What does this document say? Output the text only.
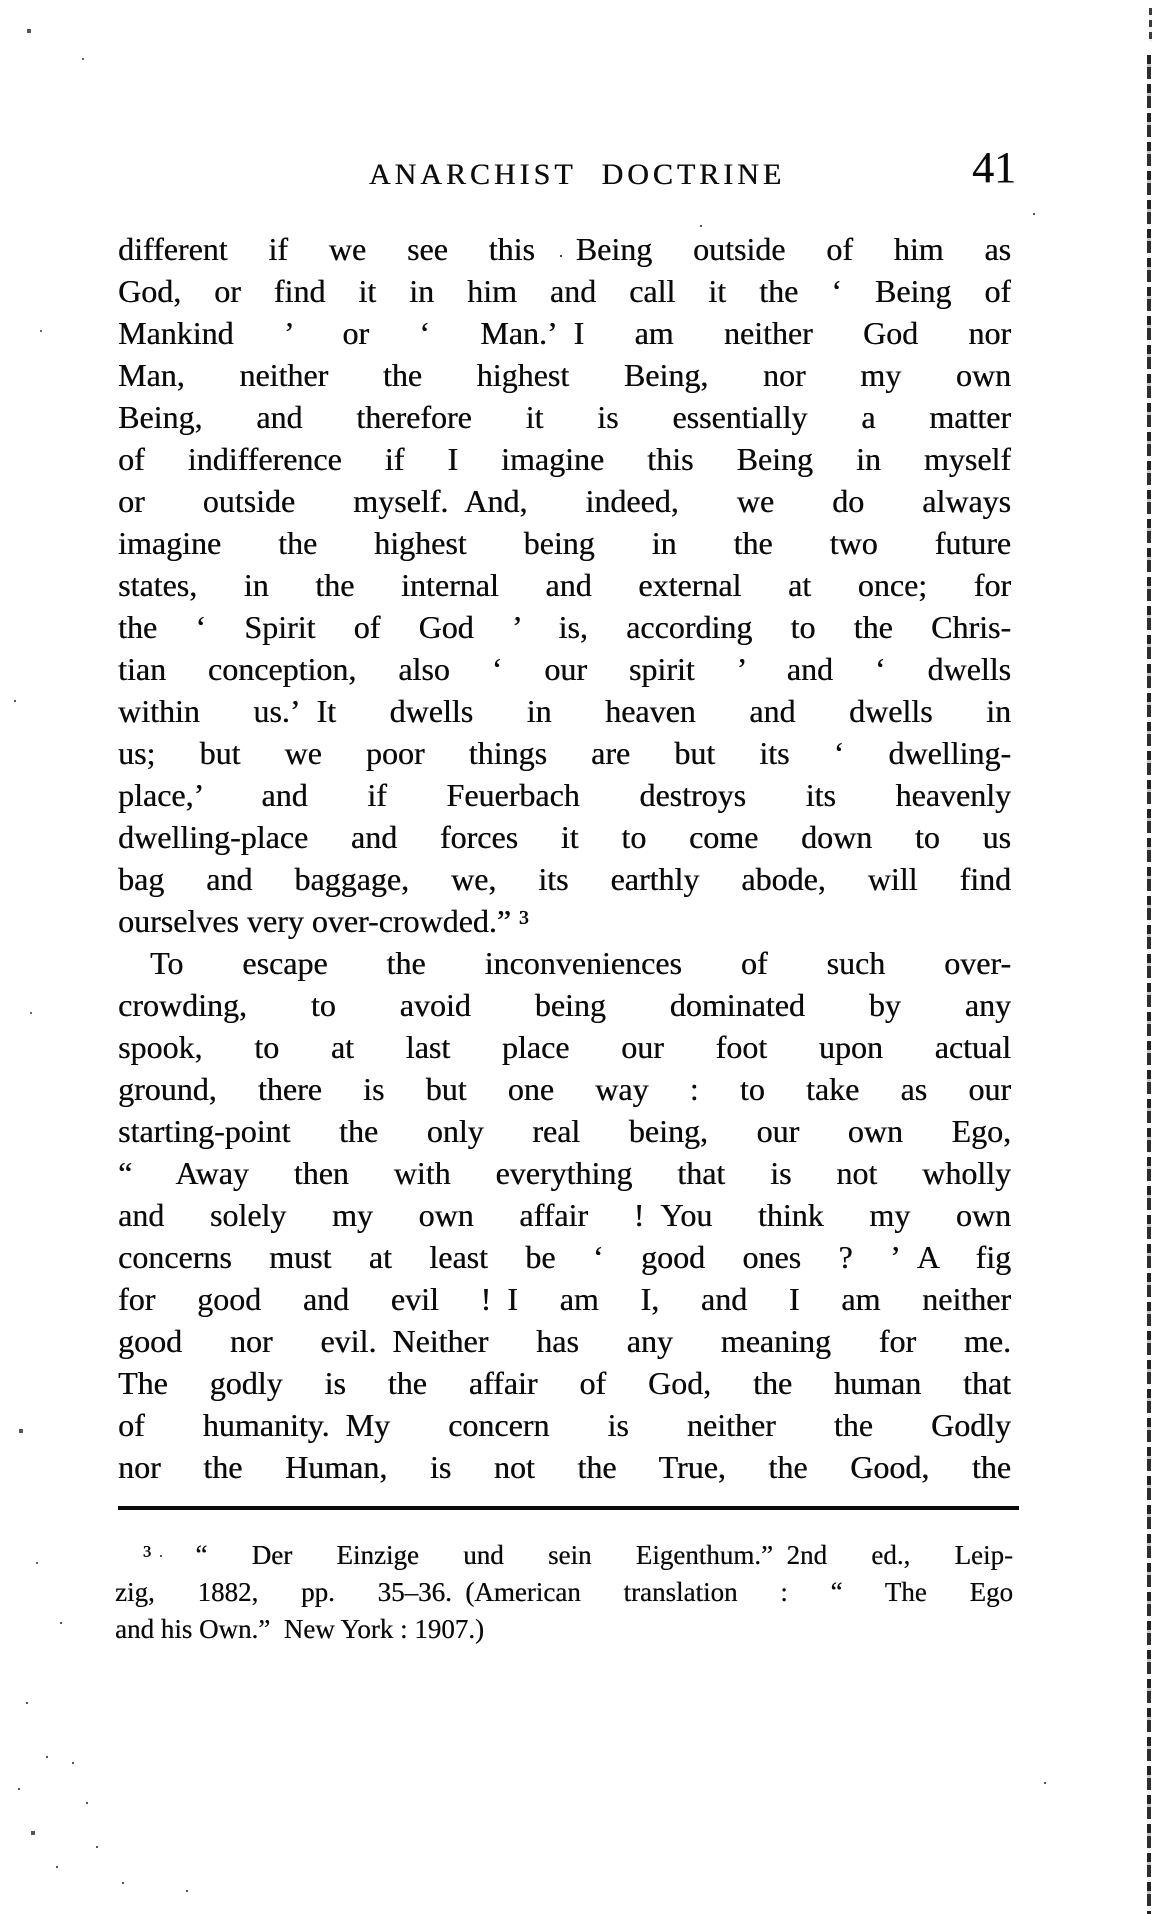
ANARCHIST DOCTRINE	41
different if we see this Being outside of him as
God, or find it in him and call it the ‘ Being of
Mankind ’ or ‘ Man.’ I am neither God nor
Man, neither the highest Being, nor my own
Being, and therefore it is essentially a matter
of indifference if I imagine this Being in myself
or outside myself. And, indeed, we do always
imagine the highest being in the two future
states, in the internal and external at once; for
the ‘ Spirit of God ’ is, according to the Chris-
tian conception, also ‘ our spirit ’ and ‘ dwells
within us.’ It dwells in heaven and dwells in
us; but we poor things are but its ‘ dwelling-
place,’ and if Feuerbach destroys its heavenly
dwelling-place and forces it to come down to us
bag and baggage, we, its earthly abode, will find
ourselves very over-crowded.” ³
To escape the inconveniences of such over-
crowding, to avoid being dominated by any
spook, to at last place our foot upon actual
ground, there is but one way : to take as our
starting-point the only real being, our own Ego,
“ Away then with everything that is not wholly
and solely my own affair ! You think my own
concerns must at least be ‘ good ones ? ’ A fig
for good and evil ! I am I, and I am neither
good nor evil. Neither has any meaning for me.
The godly is the affair of God, the human that
of humanity. My concern is neither the Godly
nor the Human, is not the True, the Good, the
³ “ Der Einzige und sein Eigenthum.” 2nd ed., Leip-
zig, 1882, pp. 35–36. (American translation : “ The Ego
and his Own.” New York : 1907.)
